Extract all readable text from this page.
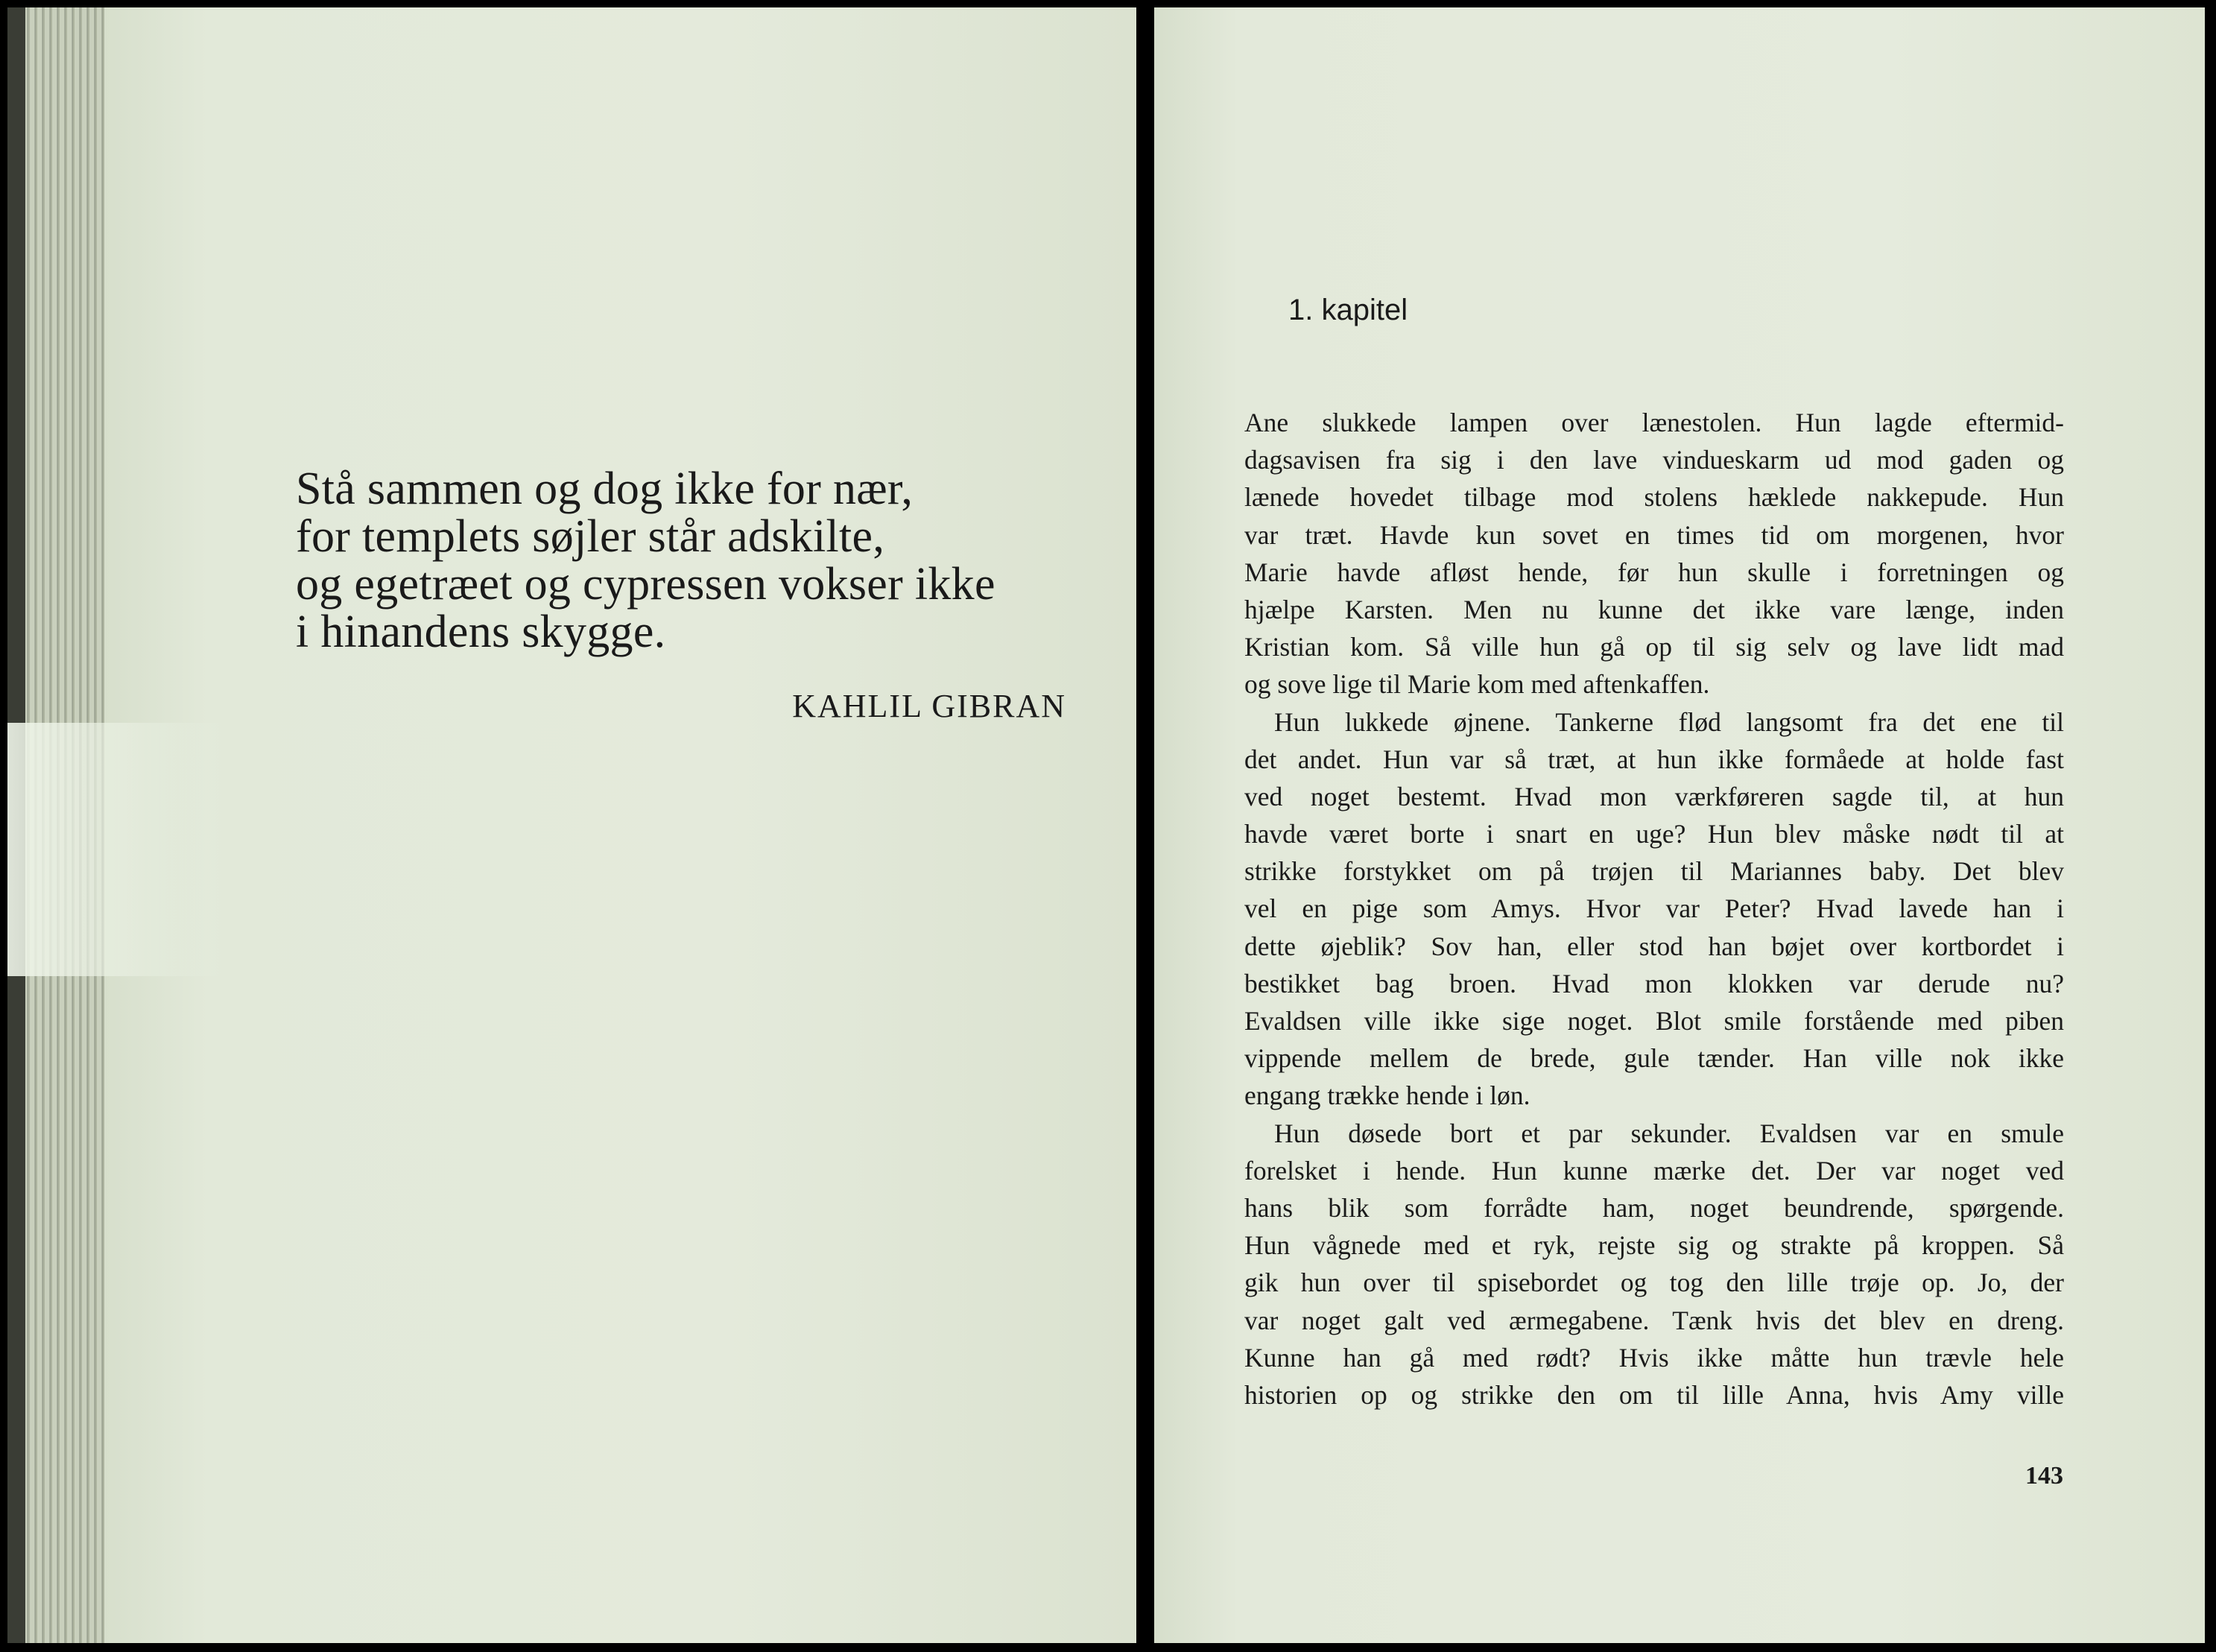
Stå sammen og dog ikke for nær,
for templets søjler står adskilte,
og egetræet og cypressen vokser ikke
i hinandens skygge.
KAHLIL GIBRAN
1. kapitel
Ane slukkede lampen over lænestolen. Hun lagde eftermid-
dagsavisen fra sig i den lave vindueskarm ud mod gaden og
lænede hovedet tilbage mod stolens hæklede nakkepude. Hun
var træt. Havde kun sovet en times tid om morgenen, hvor
Marie havde afløst hende, før hun skulle i forretningen og
hjælpe Karsten. Men nu kunne det ikke vare længe, inden
Kristian kom. Så ville hun gå op til sig selv og lave lidt mad
og sove lige til Marie kom med aftenkaffen.
Hun lukkede øjnene. Tankerne flød langsomt fra det ene til
det andet. Hun var så træt, at hun ikke formåede at holde fast
ved noget bestemt. Hvad mon værkføreren sagde til, at hun
havde været borte i snart en uge? Hun blev måske nødt til at
strikke forstykket om på trøjen til Mariannes baby. Det blev
vel en pige som Amys. Hvor var Peter? Hvad lavede han i
dette øjeblik? Sov han, eller stod han bøjet over kortbordet i
bestikket bag broen. Hvad mon klokken var derude nu?
Evaldsen ville ikke sige noget. Blot smile forstående med piben
vippende mellem de brede, gule tænder. Han ville nok ikke
engang trække hende i løn.
Hun døsede bort et par sekunder. Evaldsen var en smule
forelsket i hende. Hun kunne mærke det. Der var noget ved
hans blik som forrådte ham, noget beundrende, spørgende.
Hun vågnede med et ryk, rejste sig og strakte på kroppen. Så
gik hun over til spisebordet og tog den lille trøje op. Jo, der
var noget galt ved ærmegabene. Tænk hvis det blev en dreng.
Kunne han gå med rødt? Hvis ikke måtte hun trævle hele
historien op og strikke den om til lille Anna, hvis Amy ville
143
